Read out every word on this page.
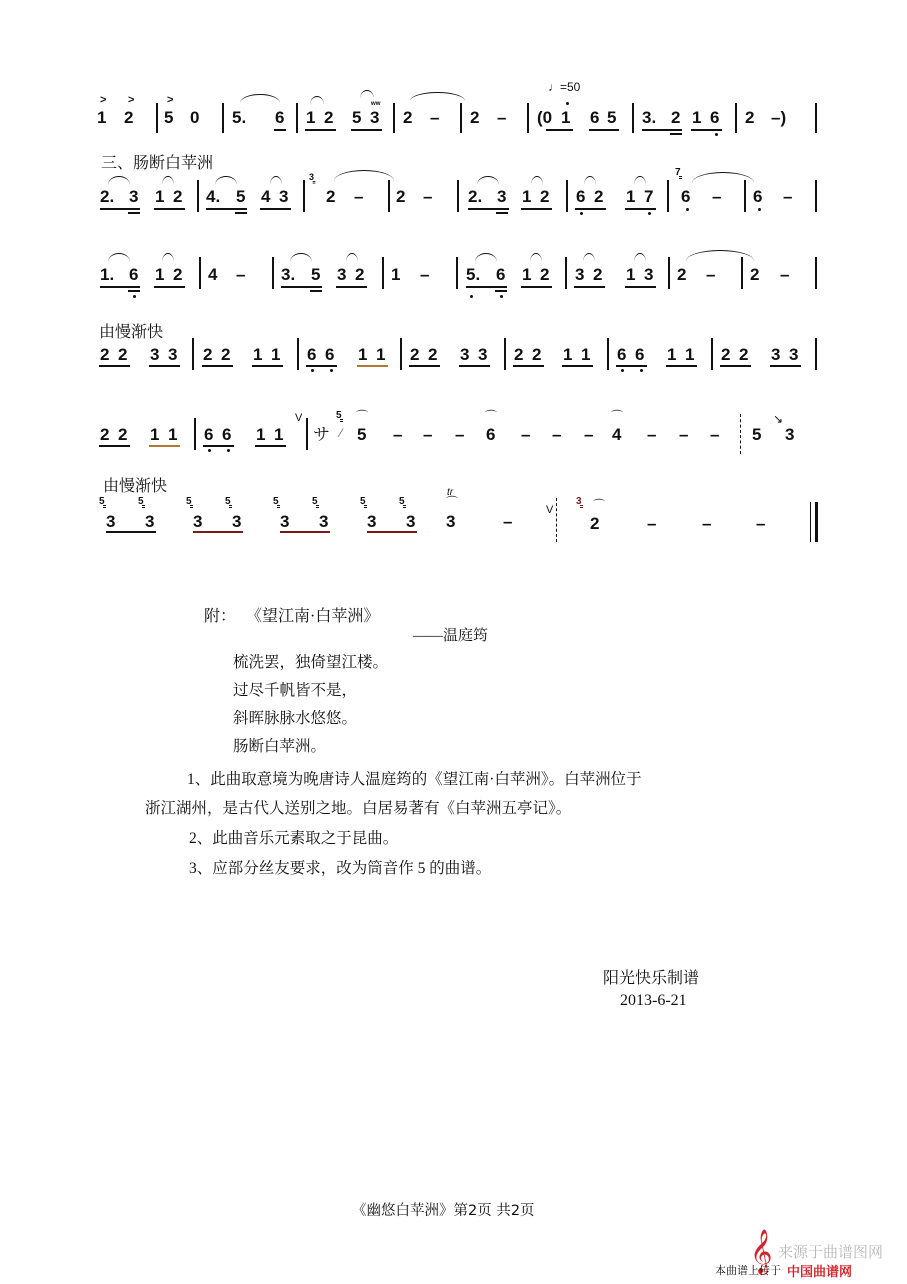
> >	>
1 2 5 0 5. 6 1 2
ʷʷ
5 3 2 – 2 –
♩=50
(0 1 6 5 3. 2 1 6 2 –)
三、肠断白苹洲
2. 3 1 2 4. 5 4 3
3̳
2 – 2 – 2. 3 1 2 6 2 1 7
7̳
6 – 6 –
1. 6 1 2 4 – 3. 5 3 2 1 – 5. 6 1 2 3 2 1 3 2 – 2 –
由慢渐快
2 2 3 3 2 2 1 1 6 6 1 1 2 2 3 3 2 2 1 1 6 6 1 1 2 2 3 3
2 2 1 1 6 6 1 1
V
サ
5̳
⁄
⌒
5 – – –
⌒
6 – – –
⌒
4 – – – 5
↘
3
由慢渐快
5̳
3
5̳
3
5̳
3
5̳
3
5̳
3
5̳
3
5̳
3
5̳
3
tr
⌒
3	–
V
3̳ ⌒
2	–	–	–
附： 《望江南·白苹洲》
——温庭筠
梳洗罢，独倚望江楼。
过尽千帆皆不是，
斜晖脉脉水悠悠。
肠断白苹洲。
1、此曲取意境为晚唐诗人温庭筠的《望江南·白苹洲》。白苹洲位于
浙江湖州，是古代人送别之地。白居易著有《白苹洲五亭记》。
2、此曲音乐元素取之于昆曲。
3、应部分丝友要求，改为筒音作 5 的曲谱。
阳光快乐制谱
2013-6-21
《幽悠白苹洲》第2页 共2页
𝄞 来源于曲谱图网
本曲谱上传于 中国曲谱网
